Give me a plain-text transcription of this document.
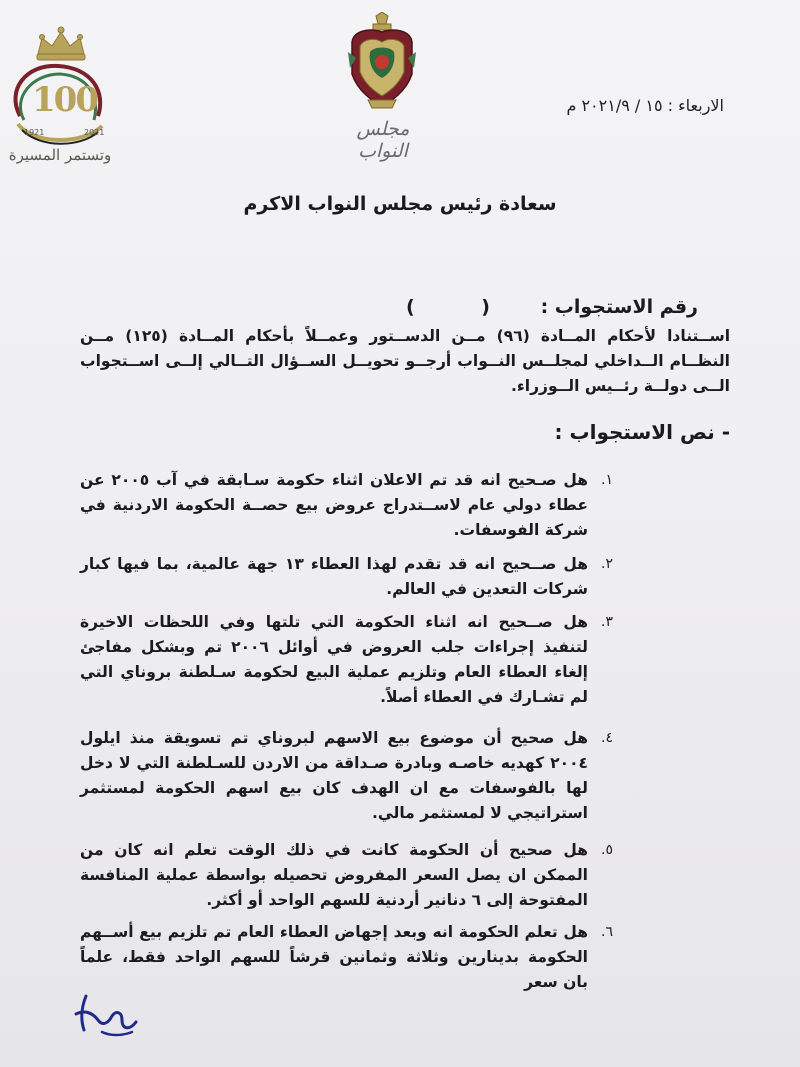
100
1921	2021
وتستمر المسيرة
مجلس النواب
الاربعاء : ١٥ / ٢٠٢١/٩ م
سعادة رئيس مجلس النواب الاكرم
رقم الاستجواب : ( )
اســتنادا لأحكام المــادة (٩٦) مــن الدســتور وعمــلاً بأحكام المــادة (١٢٥) مــن النظــام الــداخلي لمجلــس النــواب أرجــو تحويــل الســؤال التــالي إلــى اســتجواب الــى دولــة رئــيس الــوزراء.
- نص الاستجواب :
١.
هل صـحيح انه قد تم الاعلان اثناء حكومة سـابقة في آب ٢٠٠٥ عن عطاء دولي عام لاســتدراج عروض بيع حصــة الحكومة الاردنية في شركة الفوسفات.
٢.
هل صــحيح انه قد تقدم لهذا العطاء ١٣ جهة عالمية، بما فيها كبار شركات التعدين في العالم.
٣.
هل صــحيح انه اثناء الحكومة التي تلتها وفي اللحظات الاخيرة لتنفيذ إجراءات جلب العروض في أوائل ٢٠٠٦ تم وبشكل مفاجئ إلغاء العطاء العام وتلزيم عملية البيع لحكومة سـلطنة بروناي التي لم تشـارك في العطاء أصلاً.
٤.
هل صحيح أن موضوع بيع الاسهم لبروناي تم تسويقة منذ ايلول ٢٠٠٤ كهديه خاصـه وبادرة صـداقة من الاردن للسـلطنة التي لا دخل لها بالفوسفات مع ان الهدف كان بيع اسهم الحكومة لمستثمر استراتيجي لا لمستثمر مالي.
٥.
هل صحيح أن الحكومة كانت في ذلك الوقت تعلم انه كان من الممكن ان يصل السعر المفروض تحصيله بواسطة عملية المنافسة المفتوحة إلى ٦ دنانير أردنية للسهم الواحد أو أكثر.
٦.
هل تعلم الحكومة انه وبعد إجهاض العطاء العام تم تلزيم بيع أســهم الحكومة بدينارين وثلاثة وثمانين قرشاً للسهم الواحد فقط، علماً بان سعر
